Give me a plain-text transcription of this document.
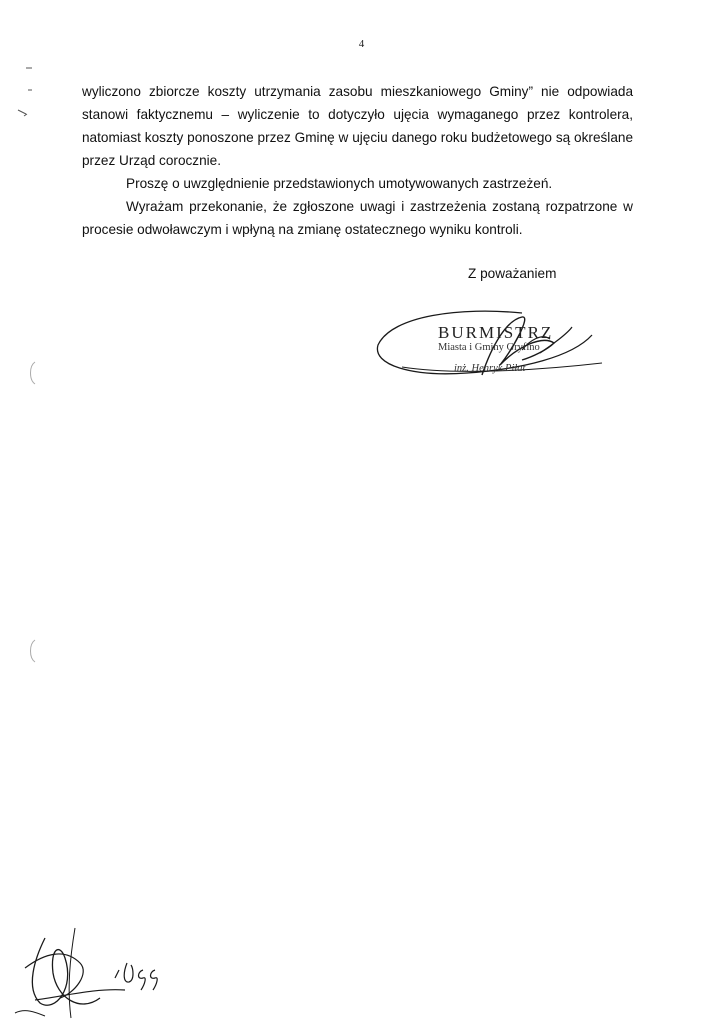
4

wyliczono zbiorcze koszty utrzymania zasobu mieszkaniowego Gminy” nie odpowiada stanowi faktycznemu – wyliczenie to dotyczyło ujęcia wymaganego przez kontrolera, natomiast koszty ponoszone przez Gminę w ujęciu danego roku budżetowego są określane przez Urząd corocznie.

Proszę o uwzględnienie przedstawionych umotywowanych zastrzeżeń.

Wyrażam przekonanie, że zgłoszone uwagi i zastrzeżenia zostaną rozpatrzone w procesie odwoławczym i wpłyną na zmianę ostatecznego wyniku kontroli.

Z poważaniem
BURMISTRZ
Miasta i Gminy Gryfino
inż. Henryk Piłat
